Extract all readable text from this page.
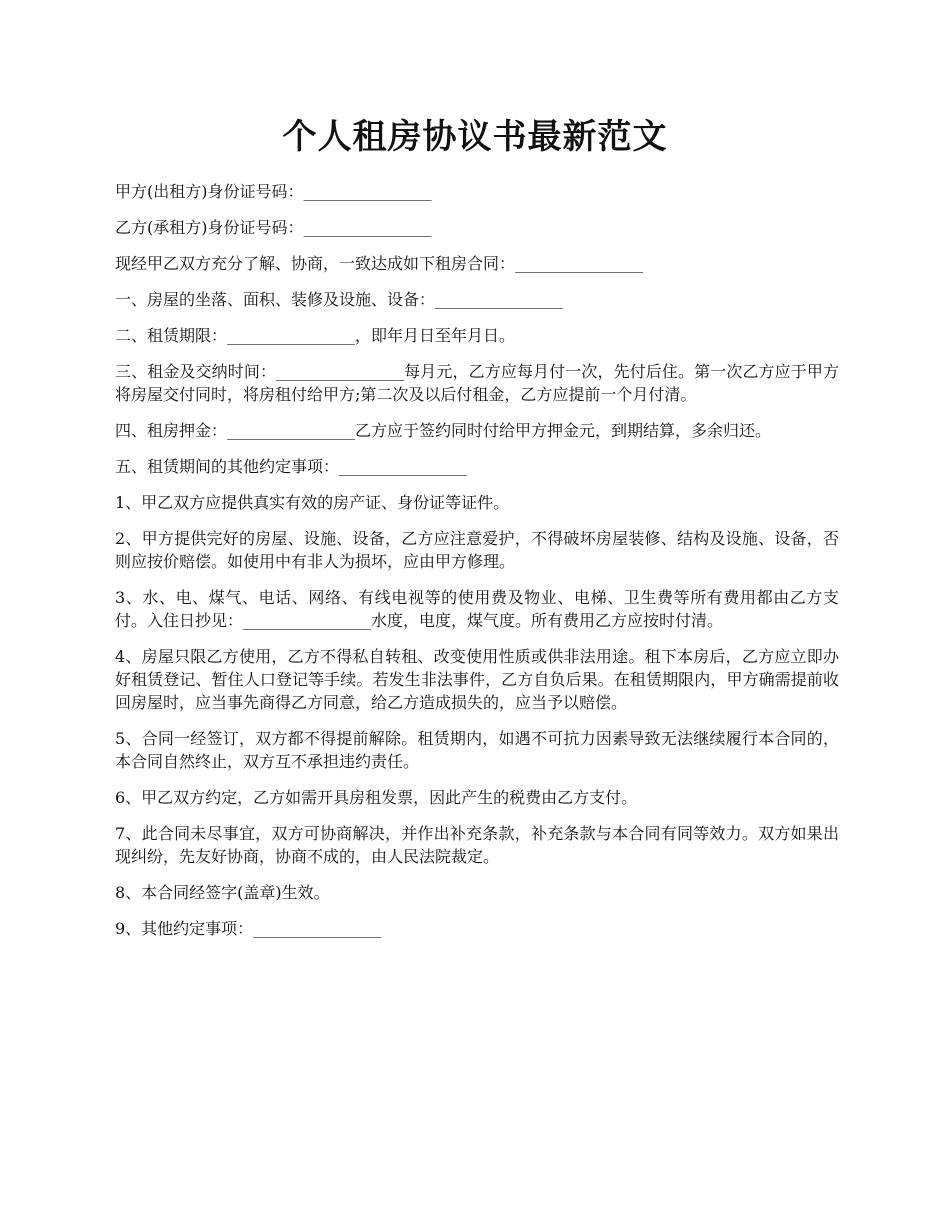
个人租房协议书最新范文

甲方(出租方)身份证号码：________________

乙方(承租方)身份证号码：________________

现经甲乙双方充分了解、协商，一致达成如下租房合同：________________

一、房屋的坐落、面积、装修及设施、设备：________________

二、租赁期限：________________，即年月日至年月日。

三、租金及交纳时间：________________每月元，乙方应每月付一次，先付后住。第一次乙方应于甲方将房屋交付同时，将房租付给甲方;第二次及以后付租金，乙方应提前一个月付清。

四、租房押金：________________乙方应于签约同时付给甲方押金元，到期结算，多余归还。

五、租赁期间的其他约定事项：________________

1、甲乙双方应提供真实有效的房产证、身份证等证件。

2、甲方提供完好的房屋、设施、设备，乙方应注意爱护，不得破坏房屋装修、结构及设施、设备，否则应按价赔偿。如使用中有非人为损坏，应由甲方修理。

3、水、电、煤气、电话、网络、有线电视等的使用费及物业、电梯、卫生费等所有费用都由乙方支付。入住日抄见：________________水度，电度，煤气度。所有费用乙方应按时付清。

4、房屋只限乙方使用，乙方不得私自转租、改变使用性质或供非法用途。租下本房后，乙方应立即办好租赁登记、暂住人口登记等手续。若发生非法事件，乙方自负后果。在租赁期限内，甲方确需提前收回房屋时，应当事先商得乙方同意，给乙方造成损失的，应当予以赔偿。

5、合同一经签订，双方都不得提前解除。租赁期内，如遇不可抗力因素导致无法继续履行本合同的，本合同自然终止，双方互不承担违约责任。

6、甲乙双方约定，乙方如需开具房租发票，因此产生的税费由乙方支付。

7、此合同未尽事宜，双方可协商解决，并作出补充条款，补充条款与本合同有同等效力。双方如果出现纠纷，先友好协商，协商不成的，由人民法院裁定。

8、本合同经签字(盖章)生效。

9、其他约定事项：________________
